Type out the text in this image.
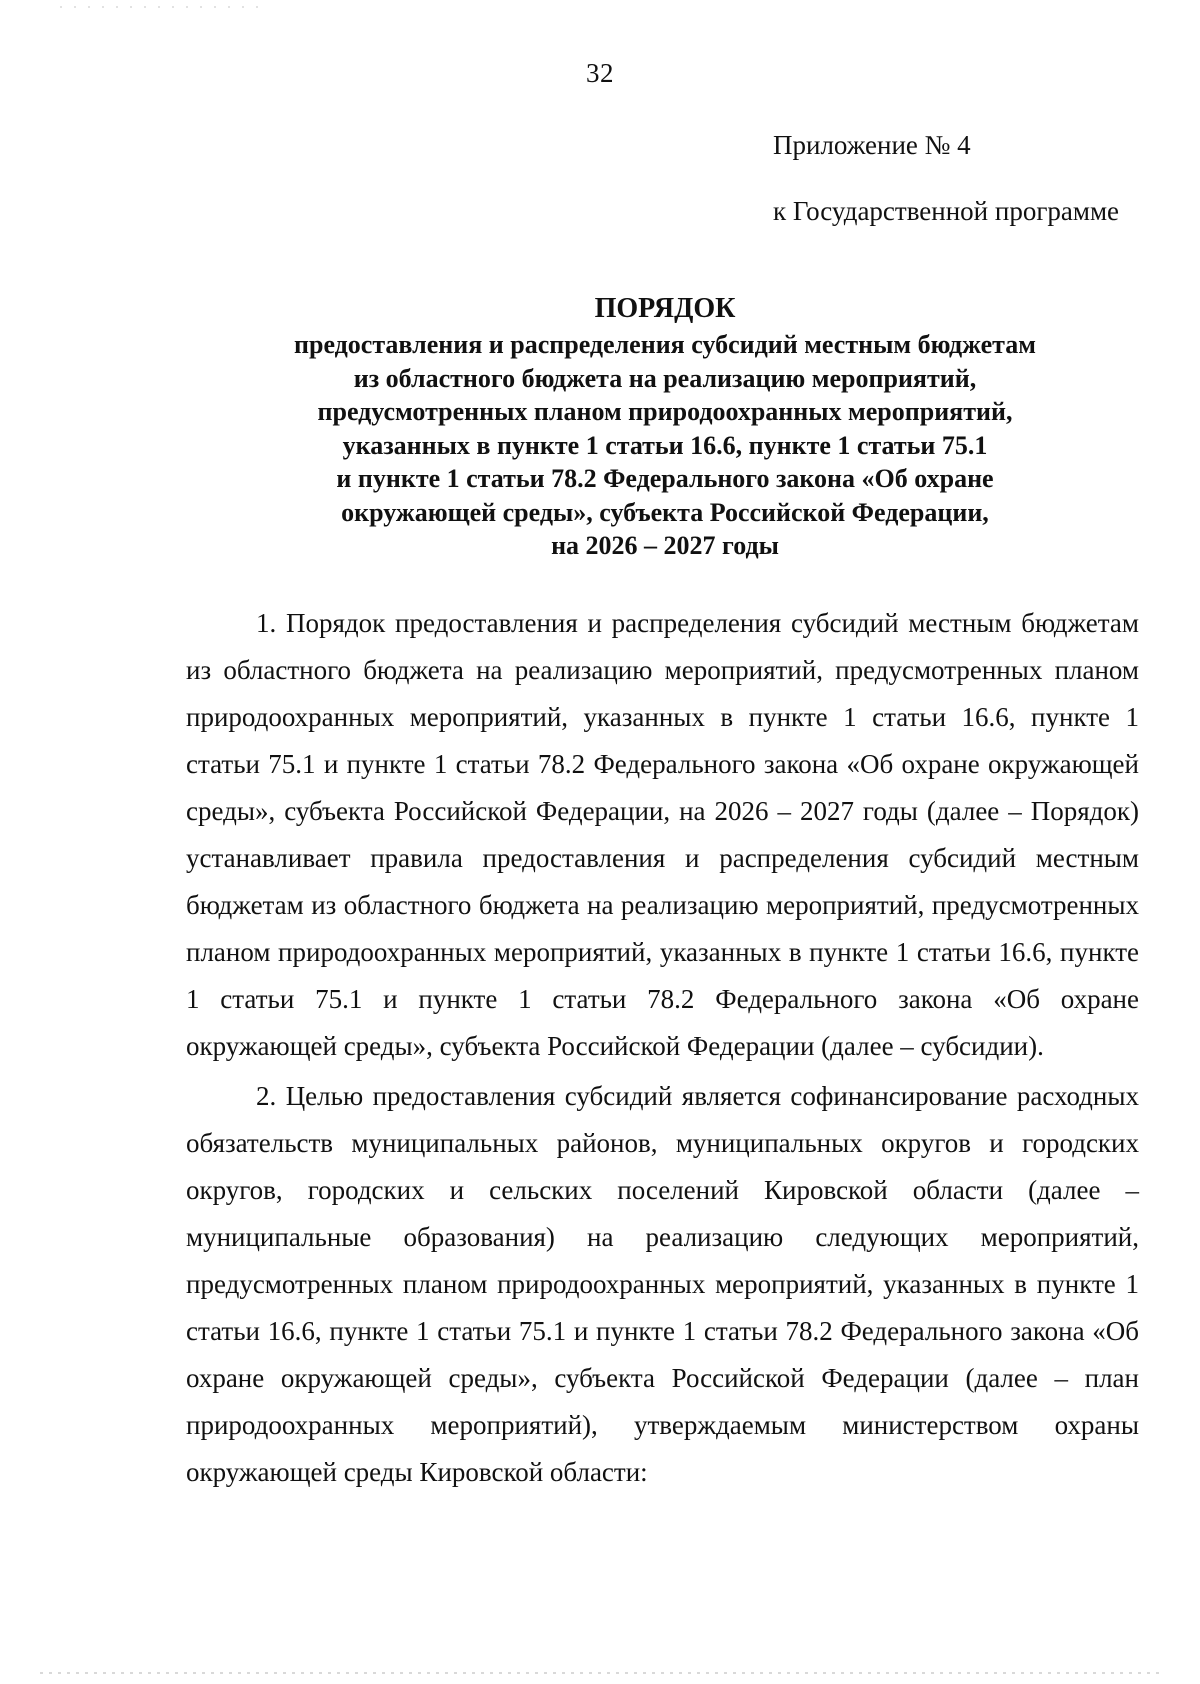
32
Приложение № 4
к Государственной программе
ПОРЯДОК
предоставления и распределения субсидий местным бюджетам
из областного бюджета на реализацию мероприятий,
предусмотренных планом природоохранных мероприятий,
указанных в пункте 1 статьи 16.6, пункте 1 статьи 75.1
и пункте 1 статьи 78.2 Федерального закона «Об охране
окружающей среды», субъекта Российской Федерации,
на 2026 – 2027 годы

1. Порядок предоставления и распределения субсидий местным бюджетам из областного бюджета на реализацию мероприятий, предусмотренных планом природоохранных мероприятий, указанных в пункте 1 статьи 16.6, пункте 1 статьи 75.1 и пункте 1 статьи 78.2 Федерального закона «Об охране окружающей среды», субъекта Российской Федерации, на 2026 – 2027 годы (далее – Порядок) устанавливает правила предоставления и распределения субсидий местным бюджетам из областного бюджета на реализацию мероприятий, предусмотренных планом природоохранных мероприятий, указанных в пункте 1 статьи 16.6, пункте 1 статьи 75.1 и пункте 1 статьи 78.2 Федерального закона «Об охране окружающей среды», субъекта Российской Федерации (далее – субсидии).

2. Целью предоставления субсидий является софинансирование расходных обязательств муниципальных районов, муниципальных округов и городских округов, городских и сельских поселений Кировской области (далее – муниципальные образования) на реализацию следующих мероприятий, предусмотренных планом природоохранных мероприятий, указанных в пункте 1 статьи 16.6, пункте 1 статьи 75.1 и пункте 1 статьи 78.2 Федерального закона «Об охране окружающей среды», субъекта Российской Федерации (далее – план природоохранных мероприятий), утверждаемым министерством охраны окружающей среды Кировской области:
